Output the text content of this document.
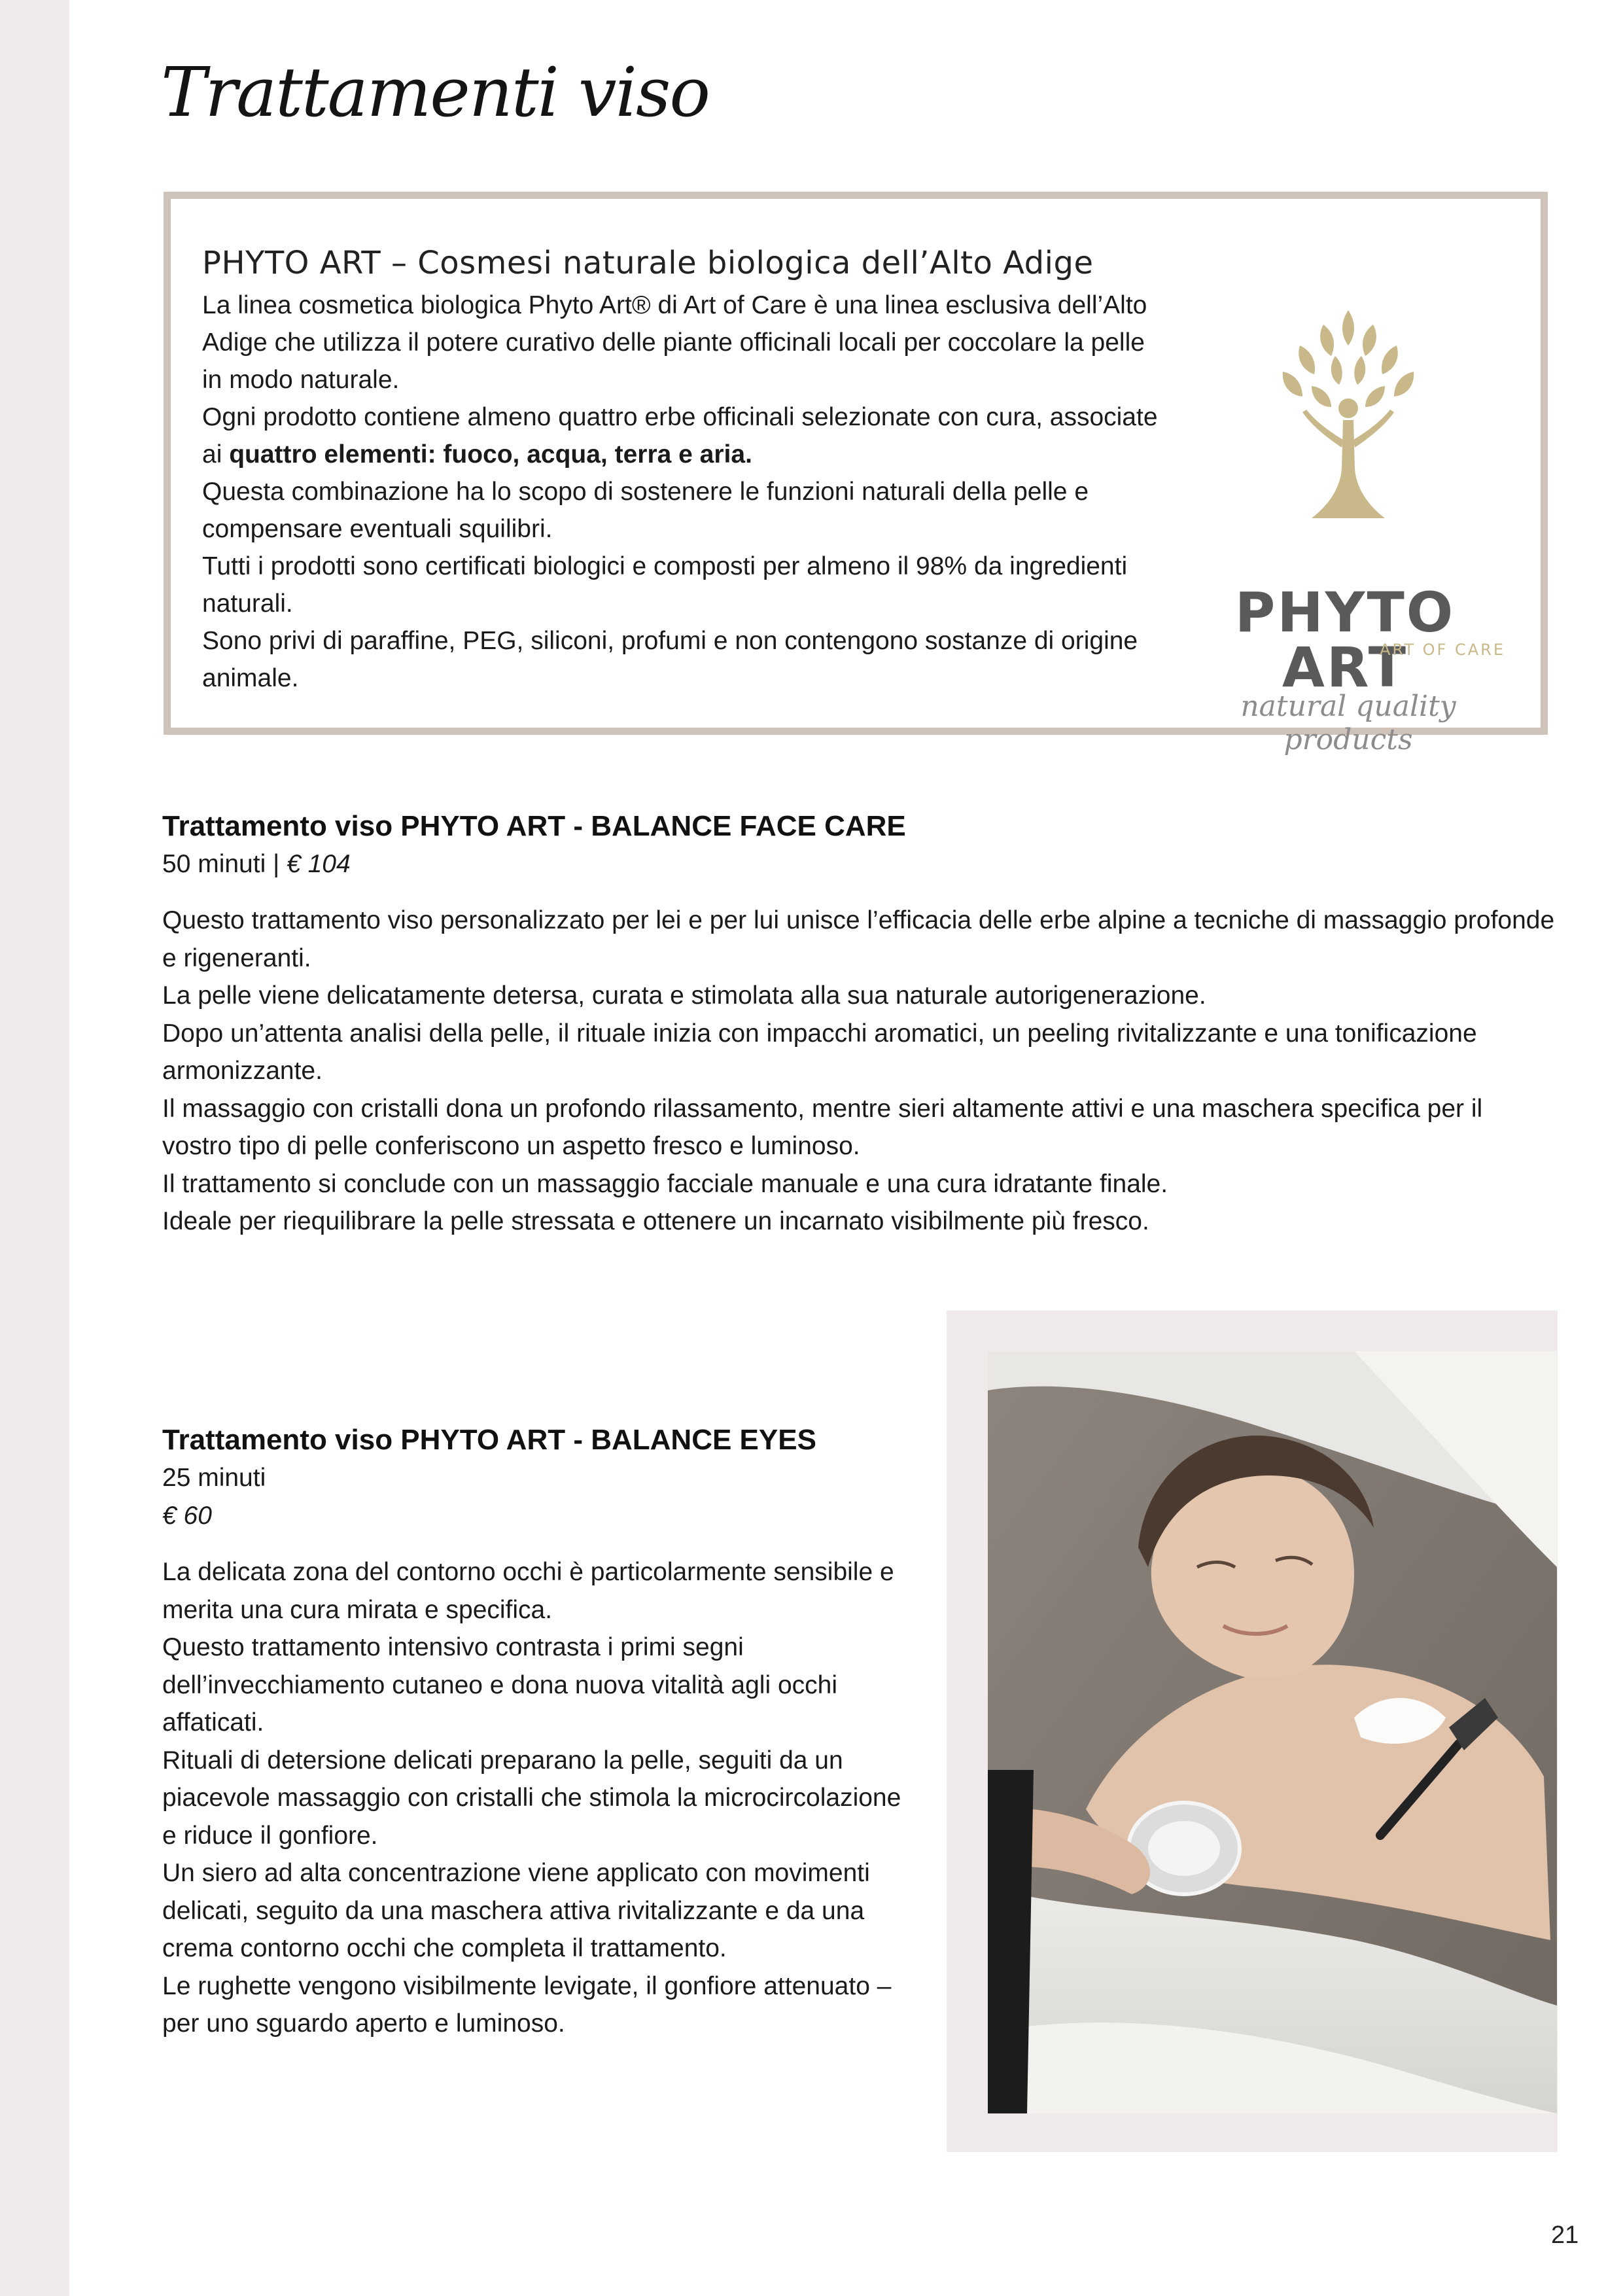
Trattamenti viso
PHYTO ART – Cosmesi naturale biologica dell’Alto Adige

La linea cosmetica biologica Phyto Art® di Art of Care è una linea esclusiva dell’Alto Adige che utilizza il potere curativo delle piante officinali locali per coccolare la pelle in modo naturale.

Ogni prodotto contiene almeno quattro erbe officinali selezionate con cura, associate ai quattro elementi: fuoco, acqua, terra e aria.

Questa combinazione ha lo scopo di sostenere le funzioni naturali della pelle e compensare eventuali squilibri.

Tutti i prodotti sono certificati biologici e composti per almeno il 98% da ingredienti naturali.

Sono privi di paraffine, PEG, siliconi, profumi e non contengono sostanze di origine animale.

PHYTO ART
ART OF CARE
natural quality products
Trattamento viso PHYTO ART - BALANCE FACE CARE

50 minuti | € 104

Questo trattamento viso personalizzato per lei e per lui unisce l’efficacia delle erbe alpine a tecniche di massaggio profonde e rigeneranti.

La pelle viene delicatamente detersa, curata e stimolata alla sua naturale autorigenerazione.

Dopo un’attenta analisi della pelle, il rituale inizia con impacchi aromatici, un peeling rivitalizzante e una tonificazione armonizzante.

Il massaggio con cristalli dona un profondo rilassamento, mentre sieri altamente attivi e una maschera specifica per il vostro tipo di pelle conferiscono un aspetto fresco e luminoso.

Il trattamento si conclude con un massaggio facciale manuale e una cura idratante finale.

Ideale per riequilibrare la pelle stressata e ottenere un incarnato visibilmente più fresco.

Trattamento viso PHYTO ART - BALANCE EYES

25 minuti

€ 60

La delicata zona del contorno occhi è particolarmente sensibile e merita una cura mirata e specifica.

Questo trattamento intensivo contrasta i primi segni dell’invecchiamento cutaneo e dona nuova vitalità agli occhi affaticati.

Rituali di detersione delicati preparano la pelle, seguiti da un piacevole massaggio con cristalli che stimola la microcircolazione e riduce il gonfiore.

Un siero ad alta concentrazione viene applicato con movimenti delicati, seguito da una maschera attiva rivitalizzante e da una crema contorno occhi che completa il trattamento.

Le rughette vengono visibilmente levigate, il gonfiore attenuato – per uno sguardo aperto e luminoso.

21
